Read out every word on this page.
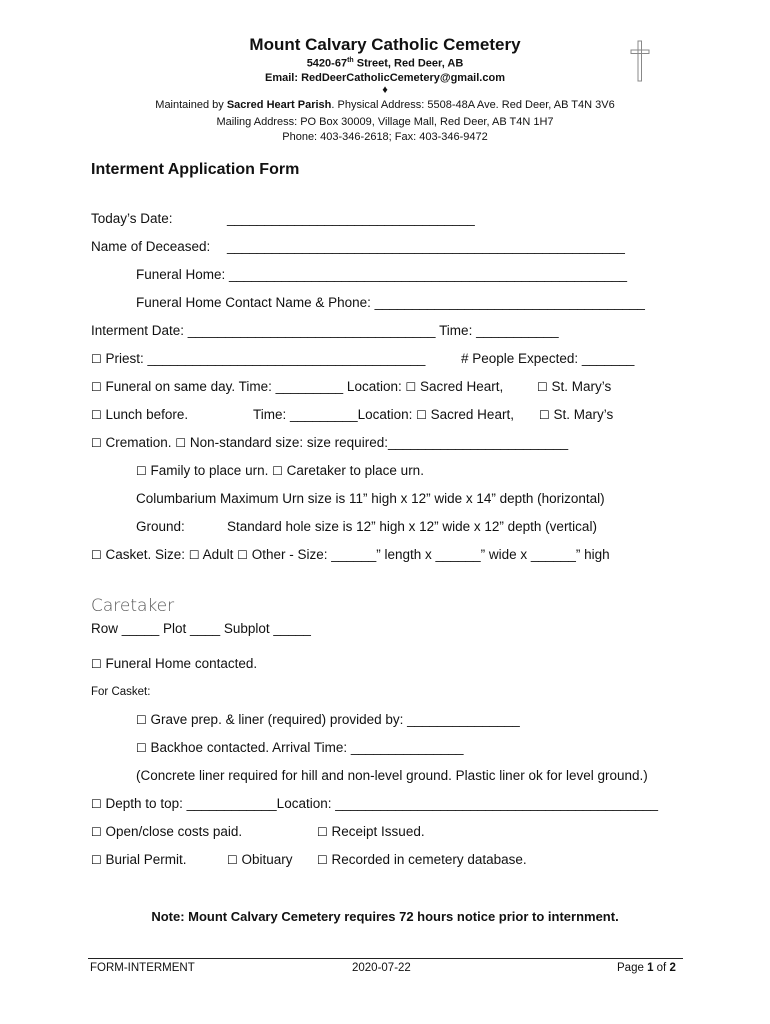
Mount Calvary Catholic Cemetery
5420-67th Street, Red Deer, AB
Email: RedDeerCatholicCemetery@gmail.com
♦
Maintained by Sacred Heart Parish. Physical Address: 5508-48A Ave. Red Deer, AB T4N 3V6
Mailing Address: PO Box 30009, Village Mall, Red Deer, AB T4N 1H7
Phone: 403-346-2618; Fax: 403-346-9472
Interment Application Form
Today’s Date:	_________________________________
Name of Deceased: _____________________________________________________
Funeral Home: _____________________________________________________
Funeral Home Contact Name & Phone: ____________________________________
Interment Date: _________________________________ Time: ___________
☐ Priest: _____________________________________	# People Expected: _______
☐ Funeral on same day. Time: _________ Location: ☐ Sacred Heart,	☐ St. Mary’s
☐ Lunch before.	Time: _________Location: ☐ Sacred Heart, ☐ St. Mary’s
☐ Cremation. ☐ Non-standard size: size required:________________________
☐ Family to place urn. ☐ Caretaker to place urn.
Columbarium Maximum Urn size is 11” high x 12” wide x 14” depth (horizontal)
Ground:	Standard hole size is 12” high x 12” wide x 12” depth (vertical)
☐ Casket. Size: ☐ Adult ☐ Other - Size: ______” length x ______” wide x ______” high
Caretaker
Row _____ Plot ____ Subplot _____
☐ Funeral Home contacted.
For Casket:
☐ Grave prep. & liner (required) provided by: _______________
☐ Backhoe contacted. Arrival Time: _______________
(Concrete liner required for hill and non-level ground. Plastic liner ok for level ground.)
☐ Depth to top: ____________Location: ___________________________________________
☐ Open/close costs paid.	☐ Receipt Issued.
☐ Burial Permit.	☐ Obituary ☐ Recorded in cemetery database.
Note: Mount Calvary Cemetery requires 72 hours notice prior to internment.
FORM-INTERMENT	2020-07-22	Page 1 of 2
